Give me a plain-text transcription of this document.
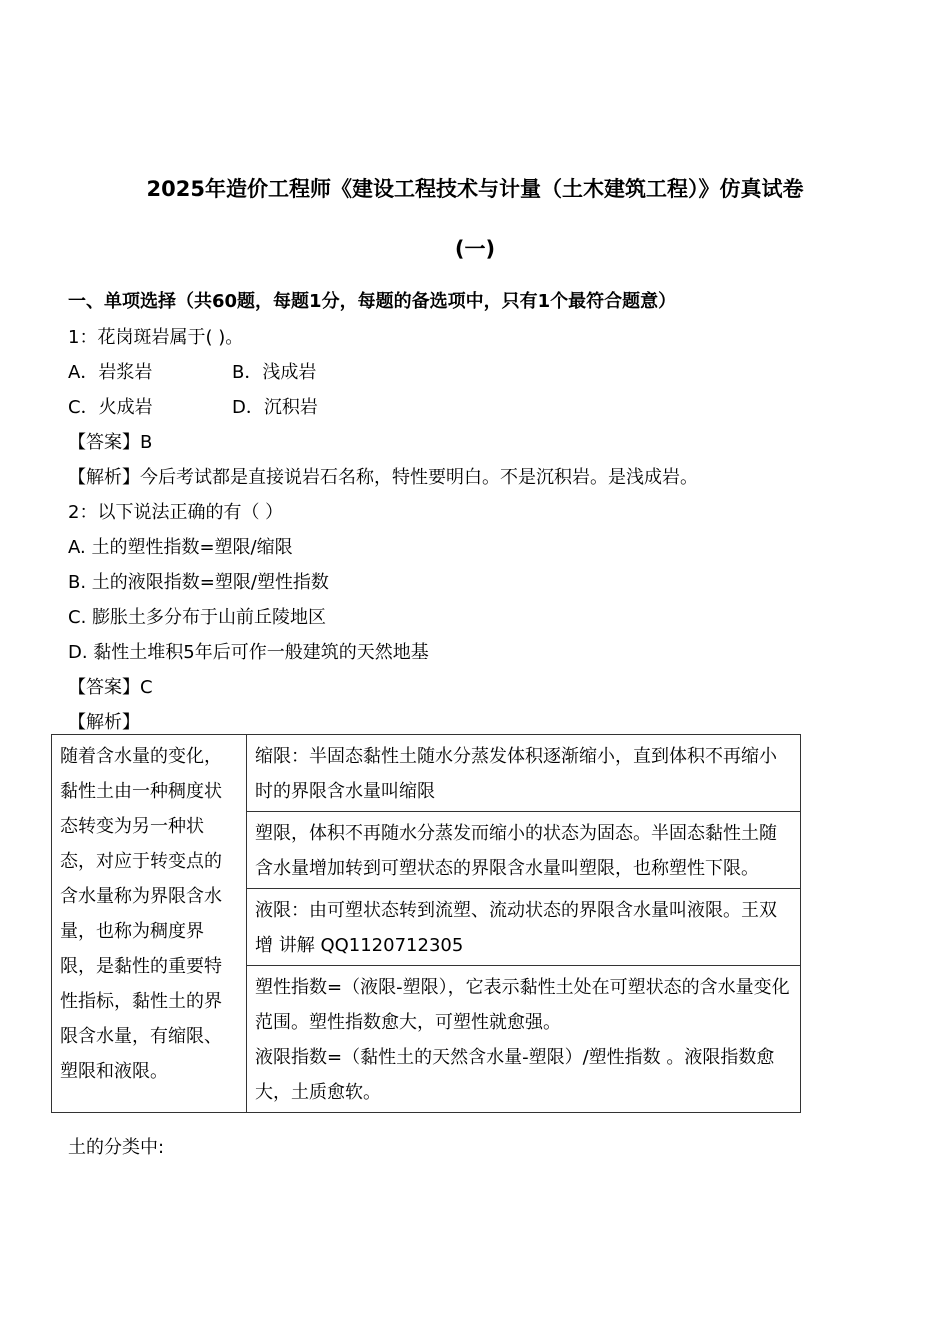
2025年造价工程师《建设工程技术与计量（土木建筑工程）》仿真试卷
(一)
一、单项选择（共60题，每题1分，每题的备选项中，只有1个最符合题意）
1：花岗斑岩属于( )。
A．岩浆岩	B．浅成岩
C．火成岩	D．沉积岩
【答案】B
【解析】今后考试都是直接说岩石名称，特性要明白。不是沉积岩。是浅成岩。
2：以下说法正确的有（ ）
A. 土的塑性指数=塑限/缩限
B. 土的液限指数=塑限/塑性指数
C. 膨胀土多分布于山前丘陵地区
D. 黏性土堆积5年后可作一般建筑的天然地基
【答案】C
【解析】
随着含水量的变化，黏性土由一种稠度状态转变为另一种状态，对应于转变点的含水量称为界限含水量，也称为稠度界限，是黏性的重要特性指标，黏性土的界限含水量，有缩限、塑限和液限。	缩限：半固态黏性土随水分蒸发体积逐渐缩小，直到体积不再缩小时的界限含水量叫缩限
塑限，体积不再随水分蒸发而缩小的状态为固态。半固态黏性土随含水量增加转到可塑状态的界限含水量叫塑限，也称塑性下限。
液限：由可塑状态转到流塑、流动状态的界限含水量叫液限。王双增 讲解 QQ1120712305

塑性指数=（液限-塑限），它表示黏性土处在可塑状态的含水量变化范围。塑性指数愈大，可塑性就愈强。
液限指数=（黏性土的天然含水量-塑限）/塑性指数 。液限指数愈大，土质愈软。
土的分类中:
